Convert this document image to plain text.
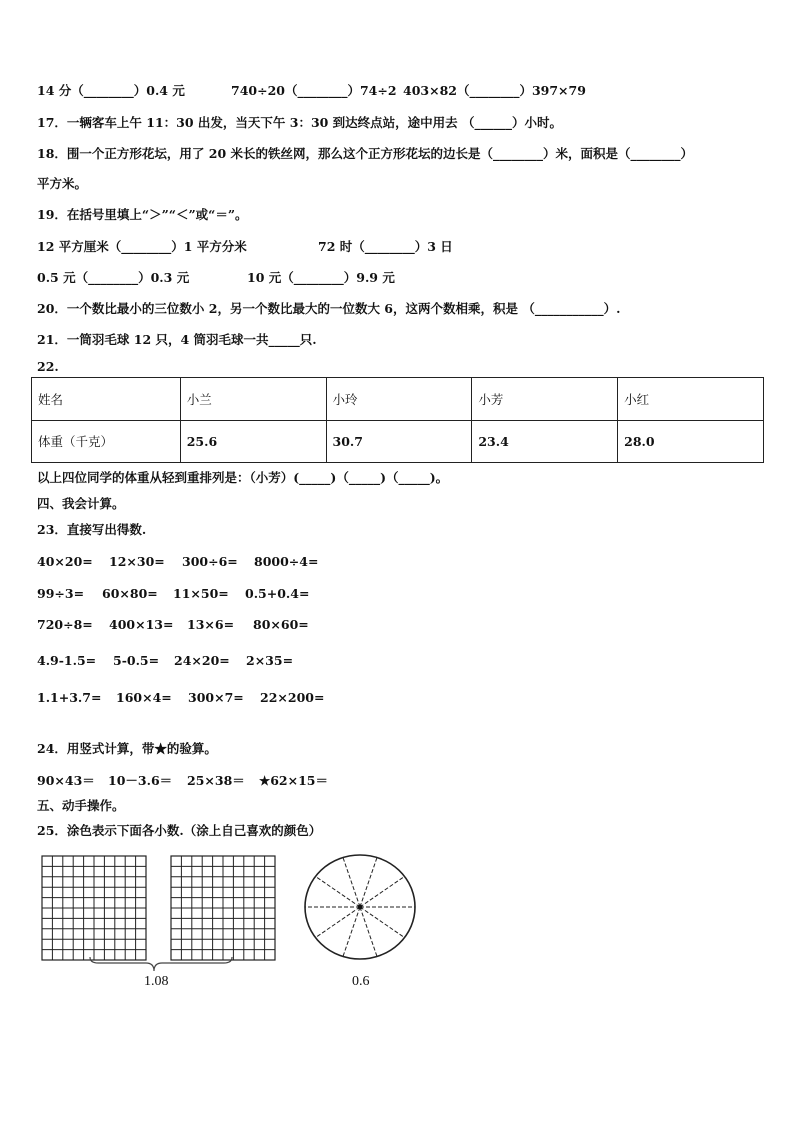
14 分（________）0.4 元	740÷20（________）74÷2 403×82（________）397×79
17．一辆客车上午 11：30 出发，当天下午 3：30 到达终点站，途中用去 （______）小时。
18．围一个正方形花坛，用了 20 米长的铁丝网，那么这个正方形花坛的边长是（________）米，面积是（________）
平方米。
19．在括号里填上“＞”“＜”或“＝”。
12 平方厘米（________）1 平方分米	72 时（________）3 日
0.5 元（________）0.3 元	10 元（________）9.9 元
20．一个数比最小的三位数小 2，另一个数比最大的一位数大 6，这两个数相乘，积是 （___________）.
21．一筒羽毛球 12 只，4 筒羽毛球一共_____只.
22.
姓名	小兰	小玲	小芳	小红
体重（千克）	25.6	30.7	23.4	28.0
以上四位同学的体重从轻到重排列是：（小芳）(_____)（_____)（_____)。
四、我会计算。
23．直接写出得数.
40×20= 12×30= 300÷6= 8000÷4=
99÷3= 60×80= 11×50= 0.5+0.4=
720÷8= 400×13= 13×6= 80×60=
4.9-1.5= 5-0.5= 24×20= 2×35=
1.1+3.7= 160×4= 300×7= 22×200=
24．用竖式计算，带★的验算。
90×43＝ 10－3.6＝ 25×38＝ ★62×15＝
五、动手操作。
25．涂色表示下面各小数.（涂上自己喜欢的颜色）
1.08	0.6
